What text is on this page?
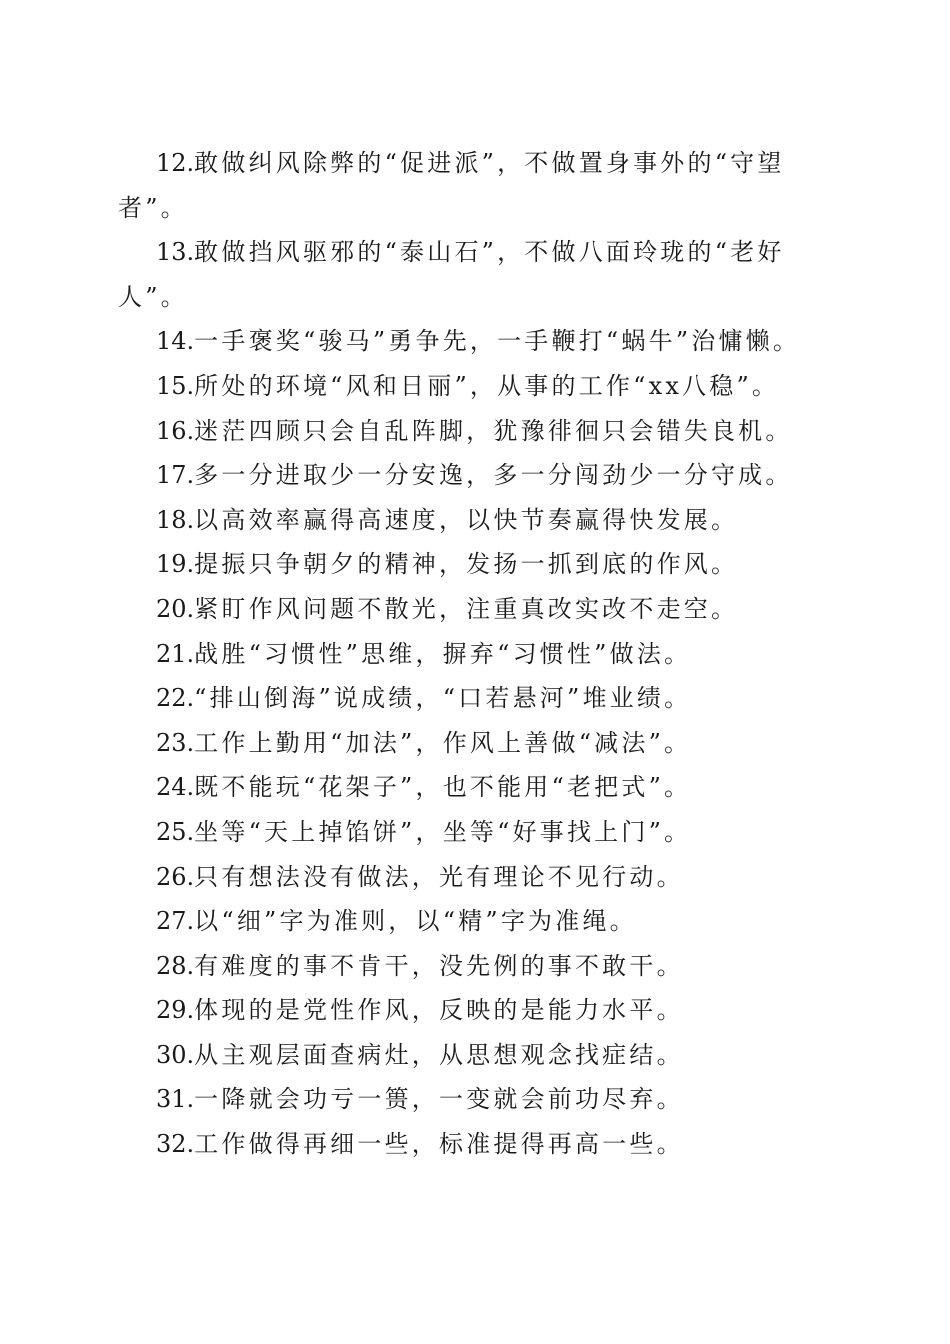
12.敢做纠风除弊的“促进派”，不做置身事外的“守望者”。

13.敢做挡风驱邪的“泰山石”，不做八面玲珑的“老好人”。

14.一手褒奖“骏马”勇争先，一手鞭打“蜗牛”治慵懒。

15.所处的环境“风和日丽”，从事的工作“xx八稳”。

16.迷茫四顾只会自乱阵脚，犹豫徘徊只会错失良机。

17.多一分进取少一分安逸，多一分闯劲少一分守成。

18.以高效率赢得高速度，以快节奏赢得快发展。

19.提振只争朝夕的精神，发扬一抓到底的作风。

20.紧盯作风问题不散光，注重真改实改不走空。

21.战胜“习惯性”思维，摒弃“习惯性”做法。

22.“排山倒海”说成绩，“口若悬河”堆业绩。

23.工作上勤用“加法”，作风上善做“减法”。

24.既不能玩“花架子”，也不能用“老把式”。

25.坐等“天上掉馅饼”，坐等“好事找上门”。

26.只有想法没有做法，光有理论不见行动。

27.以“细”字为准则，以“精”字为准绳。

28.有难度的事不肯干，没先例的事不敢干。

29.体现的是党性作风，反映的是能力水平。

30.从主观层面查病灶，从思想观念找症结。

31.一降就会功亏一篑，一变就会前功尽弃。

32.工作做得再细一些，标准提得再高一些。
